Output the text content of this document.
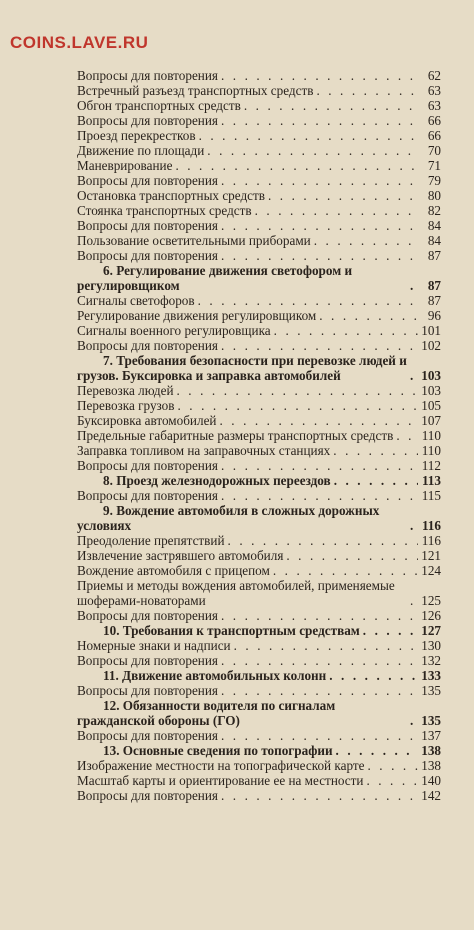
COINS.LAVE.RU
Вопросы для повторения . . .	62
Встречный разъезд транспортных средств . . .	63
Обгон транспортных средств . . .	63
Вопросы для повторения . . .	66
Проезд перекрестков . . .	66
Движение по площади . . .	70
Маневрирование . . .	71
Вопросы для повторения . . .	79
Остановка транспортных средств . . .	80
Стоянка транспортных средств . . .	82
Вопросы для повторения . . .	84
Пользование осветительными приборами . . .	84
Вопросы для повторения . . .	87
6. Регулирование движения светофором и регулировщиком . . .	87
Сигналы светофоров . . .	87
Регулирование движения регулировщиком . . .	96
Сигналы военного регулировщика . . .	101
Вопросы для повторения . . .	102
7. Требования безопасности при перевозке людей и грузов. Буксировка и заправка автомобилей . . .	103
Перевозка людей . . .	103
Перевозка грузов . . .	105
Буксировка автомобилей . . .	107
Предельные габаритные размеры транспортных средств . . . 110
Заправка топливом на заправочных станциях . . .	110
Вопросы для повторения . . .	112
8. Проезд железнодорожных переездов . . .	113
Вопросы для повторения . . .	115
9. Вождение автомобиля в сложных дорожных условиях . . .	116
Преодоление препятствий . . .	116
Извлечение застрявшего автомобиля . . .	121
Вождение автомобиля с прицепом . . .	124
Приемы и методы вождения автомобилей, применяемые шоферами-новаторами . . .	125
Вопросы для повторения . . .	126
10. Требования к транспортным средствам . . .	127
Номерные знаки и надписи . . .	130
Вопросы для повторения . . .	132
11. Движение автомобильных колонн . . .	133
Вопросы для повторения . . .	135
12. Обязанности водителя по сигналам гражданской обороны (ГО) . . .	135
Вопросы для повторения . . .	137
13. Основные сведения по топографии . . .	138
Изображение местности на топографической карте . . .	138
Масштаб карты и ориентирование ее на местности . . .	140
Вопросы для повторения . . .	142
